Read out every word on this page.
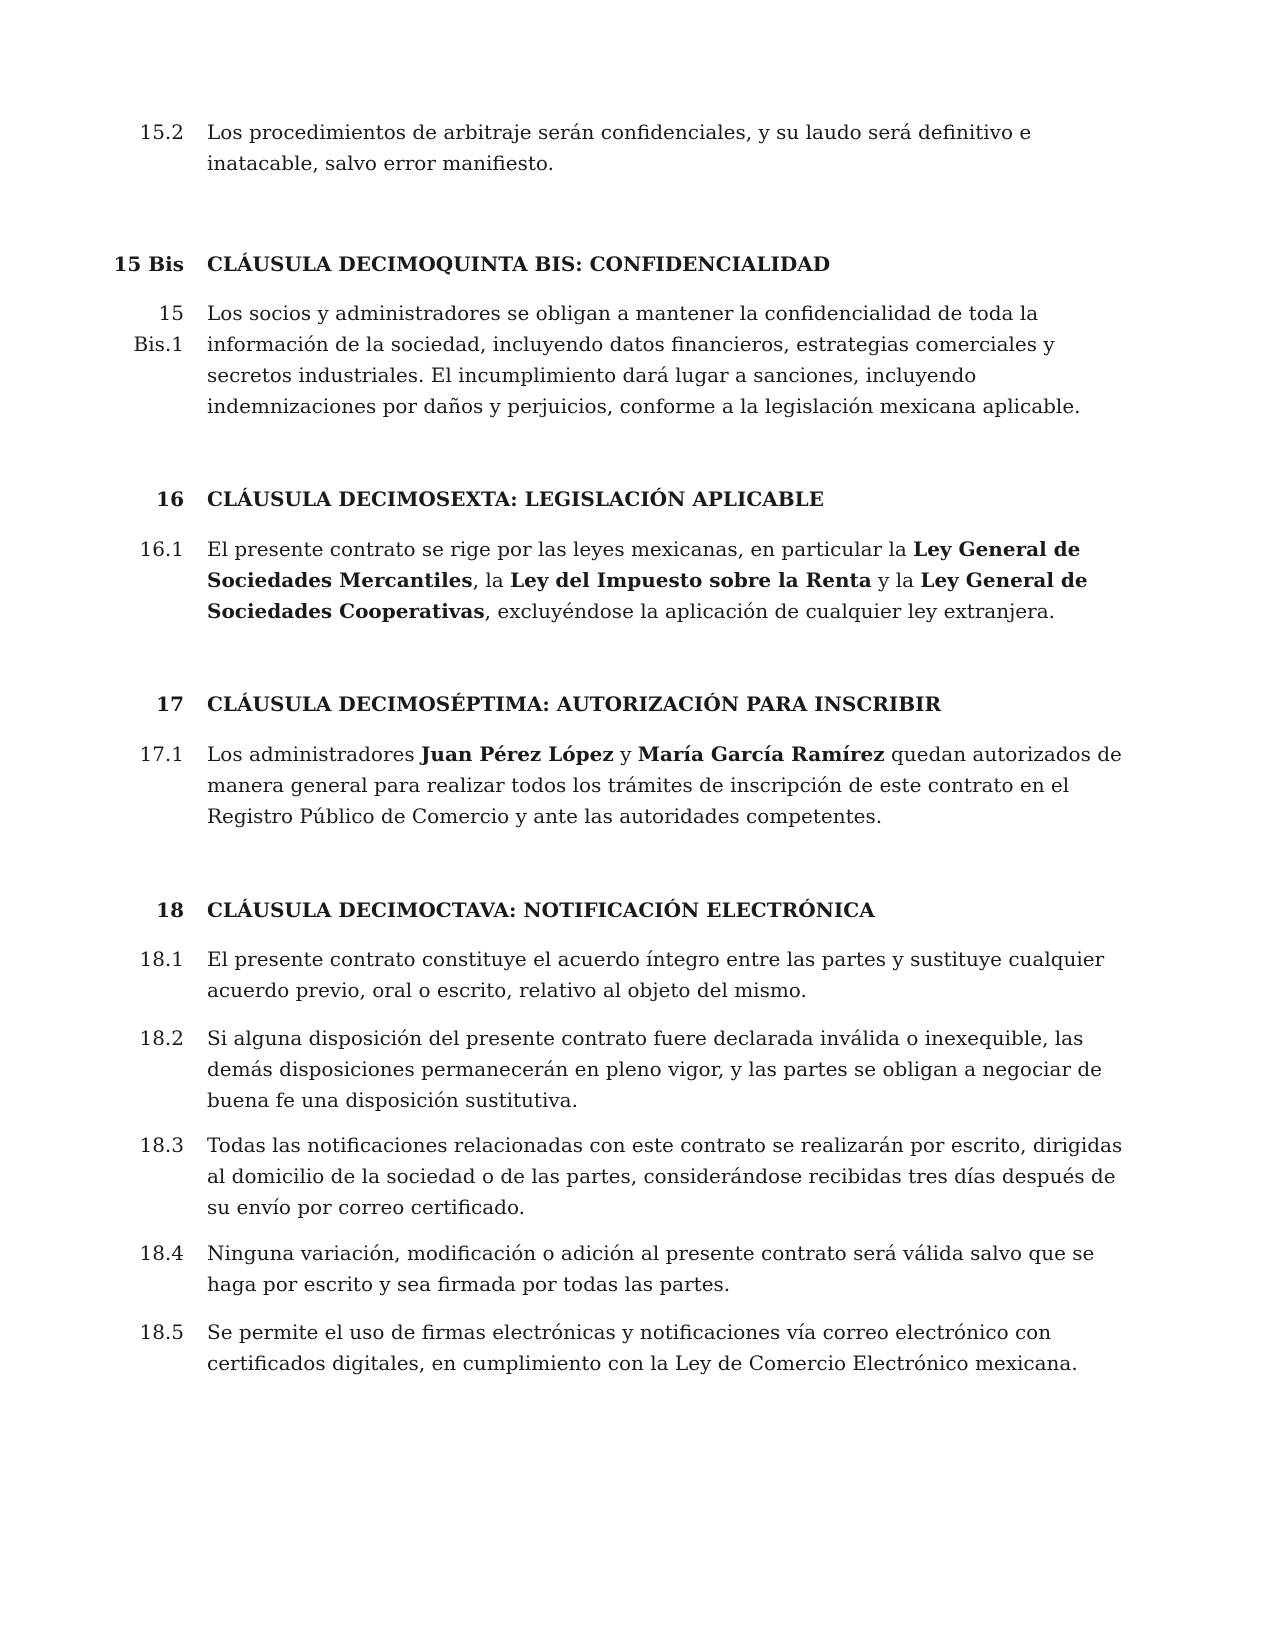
15.2 Los procedimientos de arbitraje serán confidenciales, y su laudo será definitivo e inatacable, salvo error manifiesto.
15 Bis CLÁUSULA DECIMOQUINTA BIS: CONFIDENCIALIDAD
15
Bis.1
Los socios y administradores se obligan a mantener la confidencialidad de toda la información de la sociedad, incluyendo datos financieros, estrategias comerciales y secretos industriales. El incumplimiento dará lugar a sanciones, incluyendo indemnizaciones por daños y perjuicios, conforme a la legislación mexicana aplicable.
16 CLÁUSULA DECIMOSEXTA: LEGISLACIÓN APLICABLE
16.1 El presente contrato se rige por las leyes mexicanas, en particular la Ley General de Sociedades Mercantiles, la Ley del Impuesto sobre la Renta y la Ley General de Sociedades Cooperativas, excluyéndose la aplicación de cualquier ley extranjera.
17 CLÁUSULA DECIMOSÉPTIMA: AUTORIZACIÓN PARA INSCRIBIR
17.1 Los administradores Juan Pérez López y María García Ramírez quedan autorizados de manera general para realizar todos los trámites de inscripción de este contrato en el Registro Público de Comercio y ante las autoridades competentes.
18 CLÁUSULA DECIMOCTAVA: NOTIFICACIÓN ELECTRÓNICA
18.1 El presente contrato constituye el acuerdo íntegro entre las partes y sustituye cualquier acuerdo previo, oral o escrito, relativo al objeto del mismo.
18.2 Si alguna disposición del presente contrato fuere declarada inválida o inexequible, las demás disposiciones permanecerán en pleno vigor, y las partes se obligan a negociar de buena fe una disposición sustitutiva.
18.3 Todas las notificaciones relacionadas con este contrato se realizarán por escrito, dirigidas al domicilio de la sociedad o de las partes, considerándose recibidas tres días después de su envío por correo certificado.
18.4 Ninguna variación, modificación o adición al presente contrato será válida salvo que se haga por escrito y sea firmada por todas las partes.
18.5 Se permite el uso de firmas electrónicas y notificaciones vía correo electrónico con certificados digitales, en cumplimiento con la Ley de Comercio Electrónico mexicana.
